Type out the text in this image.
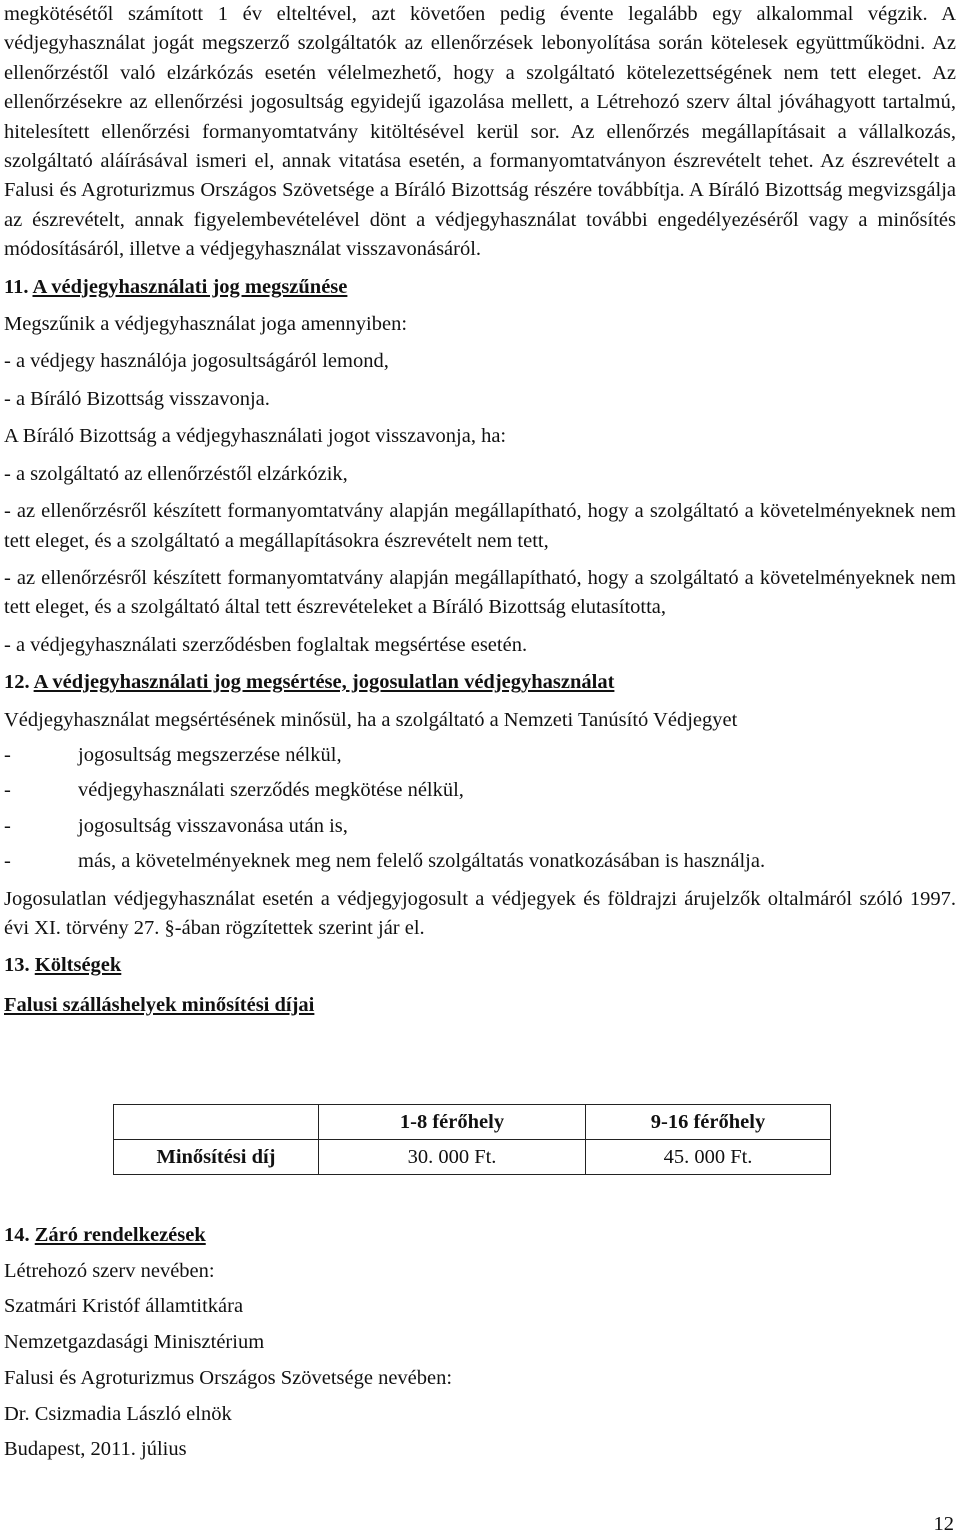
megkötésétől számított 1 év elteltével, azt követően pedig évente legalább egy alkalommal végzik. A védjegyhasználat jogát megszerző szolgáltatók az ellenőrzések lebonyolítása során kötelesek együttműködni. Az ellenőrzéstől való elzárkózás esetén vélelmezhető, hogy a szolgáltató kötelezettségének nem tett eleget. Az ellenőrzésekre az ellenőrzési jogosultság egyidejű igazolása mellett, a Létrehozó szerv által jóváhagyott tartalmú, hitelesített ellenőrzési formanyomtatvány kitöltésével kerül sor. Az ellenőrzés megállapításait a vállalkozás, szolgáltató aláírásával ismeri el, annak vitatása esetén, a formanyomtatványon észrevételt tehet. Az észrevételt a Falusi és Agroturizmus Országos Szövetsége a Bíráló Bizottság részére továbbítja. A Bíráló Bizottság megvizsgálja az észrevételt, annak figyelembevételével dönt a védjegyhasználat további engedélyezéséről vagy a minősítés módosításáról, illetve a védjegyhasználat visszavonásáról.

11. A védjegyhasználati jog megszűnése

Megszűnik a védjegyhasználat joga amennyiben:

- a védjegy használója jogosultságáról lemond,

- a Bíráló Bizottság visszavonja.

A Bíráló Bizottság a védjegyhasználati jogot visszavonja, ha:

- a szolgáltató az ellenőrzéstől elzárkózik,

- az ellenőrzésről készített formanyomtatvány alapján megállapítható, hogy a szolgáltató a követelményeknek nem tett eleget, és a szolgáltató a megállapításokra észrevételt nem tett,

- az ellenőrzésről készített formanyomtatvány alapján megállapítható, hogy a szolgáltató a követelményeknek nem tett eleget, és a szolgáltató által tett észrevételeket a Bíráló Bizottság elutasította,

- a védjegyhasználati szerződésben foglaltak megsértése esetén.

12. A védjegyhasználati jog megsértése, jogosulatlan védjegyhasználat

Védjegyhasználat megsértésének minősül, ha a szolgáltató a Nemzeti Tanúsító Védjegyet

-	jogosultság megszerzése nélkül,
-	védjegyhasználati szerződés megkötése nélkül,
-	jogosultság visszavonása után is,
-	más, a követelményeknek meg nem felelő szolgáltatás vonatkozásában is használja.

Jogosulatlan védjegyhasználat esetén a védjegyjogosult a védjegyek és földrajzi árujelzők oltalmáról szóló 1997. évi XI. törvény 27. §-ában rögzítettek szerint jár el.

13. Költségek

Falusi szálláshelyek minősítési díjai

	1-8 férőhely	9-16 férőhely
Minősítési díj	30. 000 Ft.	45. 000 Ft.

14. Záró rendelkezések

Létrehozó szerv nevében:

Szatmári Kristóf államtitkára

Nemzetgazdasági Minisztérium

Falusi és Agroturizmus Országos Szövetsége nevében:

Dr. Csizmadia László elnök

Budapest, 2011. július

12
